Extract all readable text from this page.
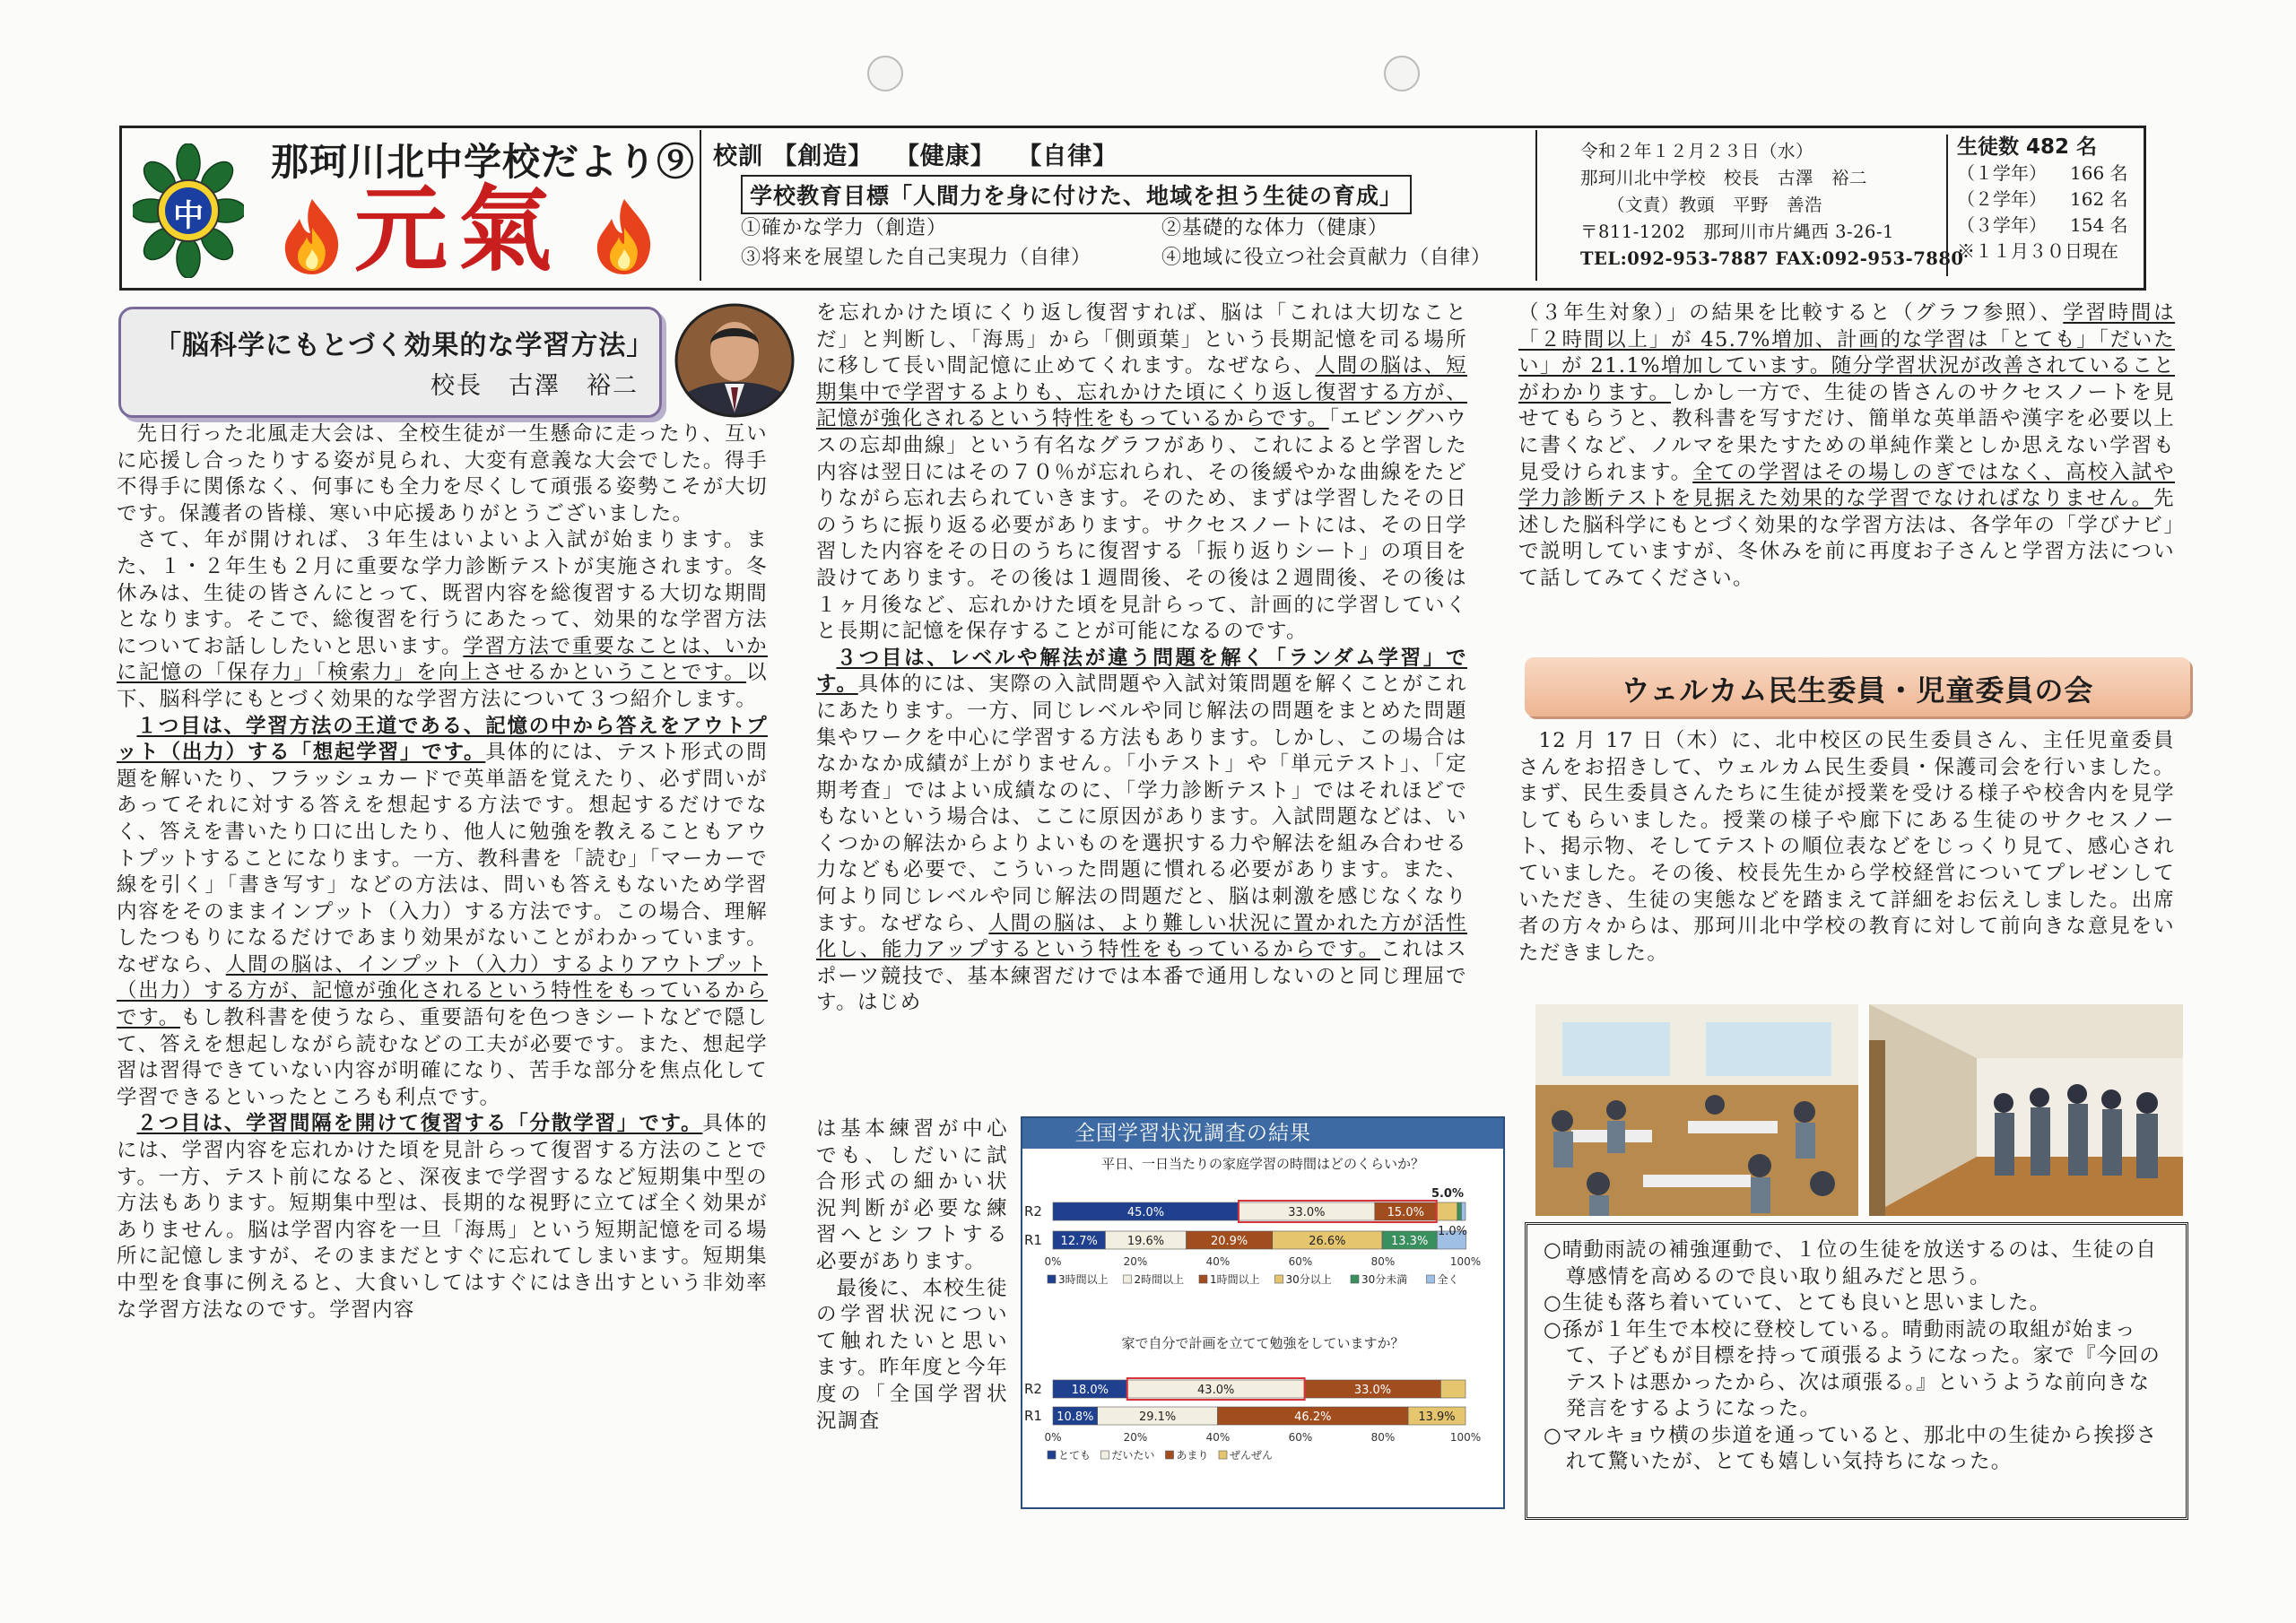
中
那珂川北中学校だより⑨
元氣
校訓 【創造】 【健康】 【自律】
学校教育目標「人間力を身に付けた、地域を担う生徒の育成」
①確かな学力（創造）	②基礎的な体力（健康）
③将来を展望した自己実現力（自律）	④地域に役立つ社会貢献力（自律）
令和２年１２月２３日（水）
那珂川北中学校　校長　古澤　裕二
（文責）教頭　平野　善浩
〒811-1202　那珂川市片縄西 3-26-1
TEL:092-953-7887 FAX:092-953-7880
生徒数 482 名
（１学年） 166 名
（２学年） 162 名
（３学年） 154 名
※１１月３０日現在
「脳科学にもとづく効果的な学習方法」
校長　古澤　裕二

先日行った北風走大会は、全校生徒が一生懸命に走ったり、互いに応援し合ったりする姿が見られ、大変有意義な大会でした。得手不得手に関係なく、何事にも全力を尽くして頑張る姿勢こそが大切です。保護者の皆様、寒い中応援ありがとうございました。

さて、年が開ければ、３年生はいよいよ入試が始まります。また、１・２年生も２月に重要な学力診断テストが実施されます。冬休みは、生徒の皆さんにとって、既習内容を総復習する大切な期間となります。そこで、総復習を行うにあたって、効果的な学習方法についてお話ししたいと思います。学習方法で重要なことは、いかに記憶の「保存力」「検索力」を向上させるかということです。以下、脳科学にもとづく効果的な学習方法について３つ紹介します。

１つ目は、学習方法の王道である、記憶の中から答えをアウトプット（出力）する「想起学習」です。具体的には、テスト形式の問題を解いたり、フラッシュカードで英単語を覚えたり、必ず問いがあってそれに対する答えを想起する方法です。想起するだけでなく、答えを書いたり口に出したり、他人に勉強を教えることもアウトプットすることになります。一方、教科書を「読む」「マーカーで線を引く」「書き写す」などの方法は、問いも答えもないため学習内容をそのままインプット（入力）する方法です。この場合、理解したつもりになるだけであまり効果がないことがわかっています。なぜなら、人間の脳は、インプット（入力）するよりアウトプット（出力）する方が、記憶が強化されるという特性をもっているからです。もし教科書を使うなら、重要語句を色つきシートなどで隠して、答えを想起しながら読むなどの工夫が必要です。また、想起学習は習得できていない内容が明確になり、苦手な部分を焦点化して学習できるといったところも利点です。

２つ目は、学習間隔を開けて復習する「分散学習」です。具体的には、学習内容を忘れかけた頃を見計らって復習する方法のことです。一方、テスト前になると、深夜まで学習するなど短期集中型の方法もあります。短期集中型は、長期的な視野に立てば全く効果がありません。脳は学習内容を一旦「海馬」という短期記憶を司る場所に記憶しますが、そのままだとすぐに忘れてしまいます。短期集中型を食事に例えると、大食いしてはすぐにはき出すという非効率な学習方法なのです。学習内容

を忘れかけた頃にくり返し復習すれば、脳は「これは大切なことだ」と判断し、「海馬」から「側頭葉」という長期記憶を司る場所に移して長い間記憶に止めてくれます。なぜなら、人間の脳は、短期集中で学習するよりも、忘れかけた頃にくり返し復習する方が、記憶が強化されるという特性をもっているからです。「エビングハウスの忘却曲線」という有名なグラフがあり、これによると学習した内容は翌日にはその７０％が忘れられ、その後緩やかな曲線をたどりながら忘れ去られていきます。そのため、まずは学習したその日のうちに振り返る必要があります。サクセスノートには、その日学習した内容をその日のうちに復習する「振り返りシート」の項目を設けてあります。その後は１週間後、その後は２週間後、その後は１ヶ月後など、忘れかけた頃を見計らって、計画的に学習していくと長期に記憶を保存することが可能になるのです。

３つ目は、レベルや解法が違う問題を解く「ランダム学習」です。具体的には、実際の入試問題や入試対策問題を解くことがこれにあたります。一方、同じレベルや同じ解法の問題をまとめた問題集やワークを中心に学習する方法もあります。しかし、この場合はなかなか成績が上がりません。「小テスト」や「単元テスト」、「定期考査」ではよい成績なのに、「学力診断テスト」ではそれほどでもないという場合は、ここに原因があります。入試問題などは、いくつかの解法からよりよいものを選択する力や解法を組み合わせる力なども必要で、こういった問題に慣れる必要があります。また、何より同じレベルや同じ解法の問題だと、脳は刺激を感じなくなります。なぜなら、人間の脳は、より難しい状況に置かれた方が活性化し、能力アップするという特性をもっているからです。これはスポーツ競技で、基本練習だけでは本番で通用しないのと同じ理屈です。はじめ

は基本練習が中心でも、しだいに試合形式の細かい状況判断が必要な練習へとシフトする必要があります。

最後に、本校生徒の学習状況について触れたいと思います。昨年度と今年度の「全国学習状況調査

全国学習状況調査の結果
平日、一日当たりの家庭学習の時間はどのくらいか？
R2	45.0%	33.0%	15.0%
R1 12.7%	19.6%	20.9%	26.6%	13.3%
5.0%
1.0%
0%	20%	40%	60%	80%	100%
3時間以上 2時間以上 1時間以上 30分以上	30分未満	全く
家で自分で計画を立てて勉強をしていますか？
R2	18.0%	43.0%	33.0%
R1 10.8%	29.1%	46.2%	13.9%
0%	20%	40%	60%	80%	100%
とても だいたい あまり ぜんぜん

（３年生対象）」の結果を比較すると（グラフ参照）、学習時間は「２時間以上」が 45.7%増加、計画的な学習は「とても」「だいたい」が 21.1%増加しています。随分学習状況が改善されていることがわかります。しかし一方で、生徒の皆さんのサクセスノートを見せてもらうと、教科書を写すだけ、簡単な英単語や漢字を必要以上に書くなど、ノルマを果たすための単純作業としか思えない学習も見受けられます。全ての学習はその場しのぎではなく、高校入試や学力診断テストを見据えた効果的な学習でなければなりません。先述した脳科学にもとづく効果的な学習方法は、各学年の「学びナビ」で説明していますが、冬休みを前に再度お子さんと学習方法について話してみてください。

ウェルカム民生委員・児童委員の会

12 月 17 日（木）に、北中校区の民生委員さん、主任児童委員さんをお招きして、ウェルカム民生委員・保護司会を行いました。まず、民生委員さんたちに生徒が授業を受ける様子や校舎内を見学してもらいました。授業の様子や廊下にある生徒のサクセスノート、掲示物、そしてテストの順位表などをじっくり見て、感心されていました。その後、校長先生から学校経営についてプレゼンしていただき、生徒の実態などを踏まえて詳細をお伝えしました。出席者の方々からは、那珂川北中学校の教育に対して前向きな意見をいただきました。

○晴動雨読の補強運動で、１位の生徒を放送するのは、生徒の自尊感情を高めるので良い取り組みだと思う。

○生徒も落ち着いていて、とても良いと思いました。

○孫が１年生で本校に登校している。晴動雨読の取組が始まって、子どもが目標を持って頑張るようになった。家で『今回のテストは悪かったから、次は頑張る。』というような前向きな発言をするようになった。

○マルキョウ横の歩道を通っていると、那北中の生徒から挨拶されて驚いたが、とても嬉しい気持ちになった。
